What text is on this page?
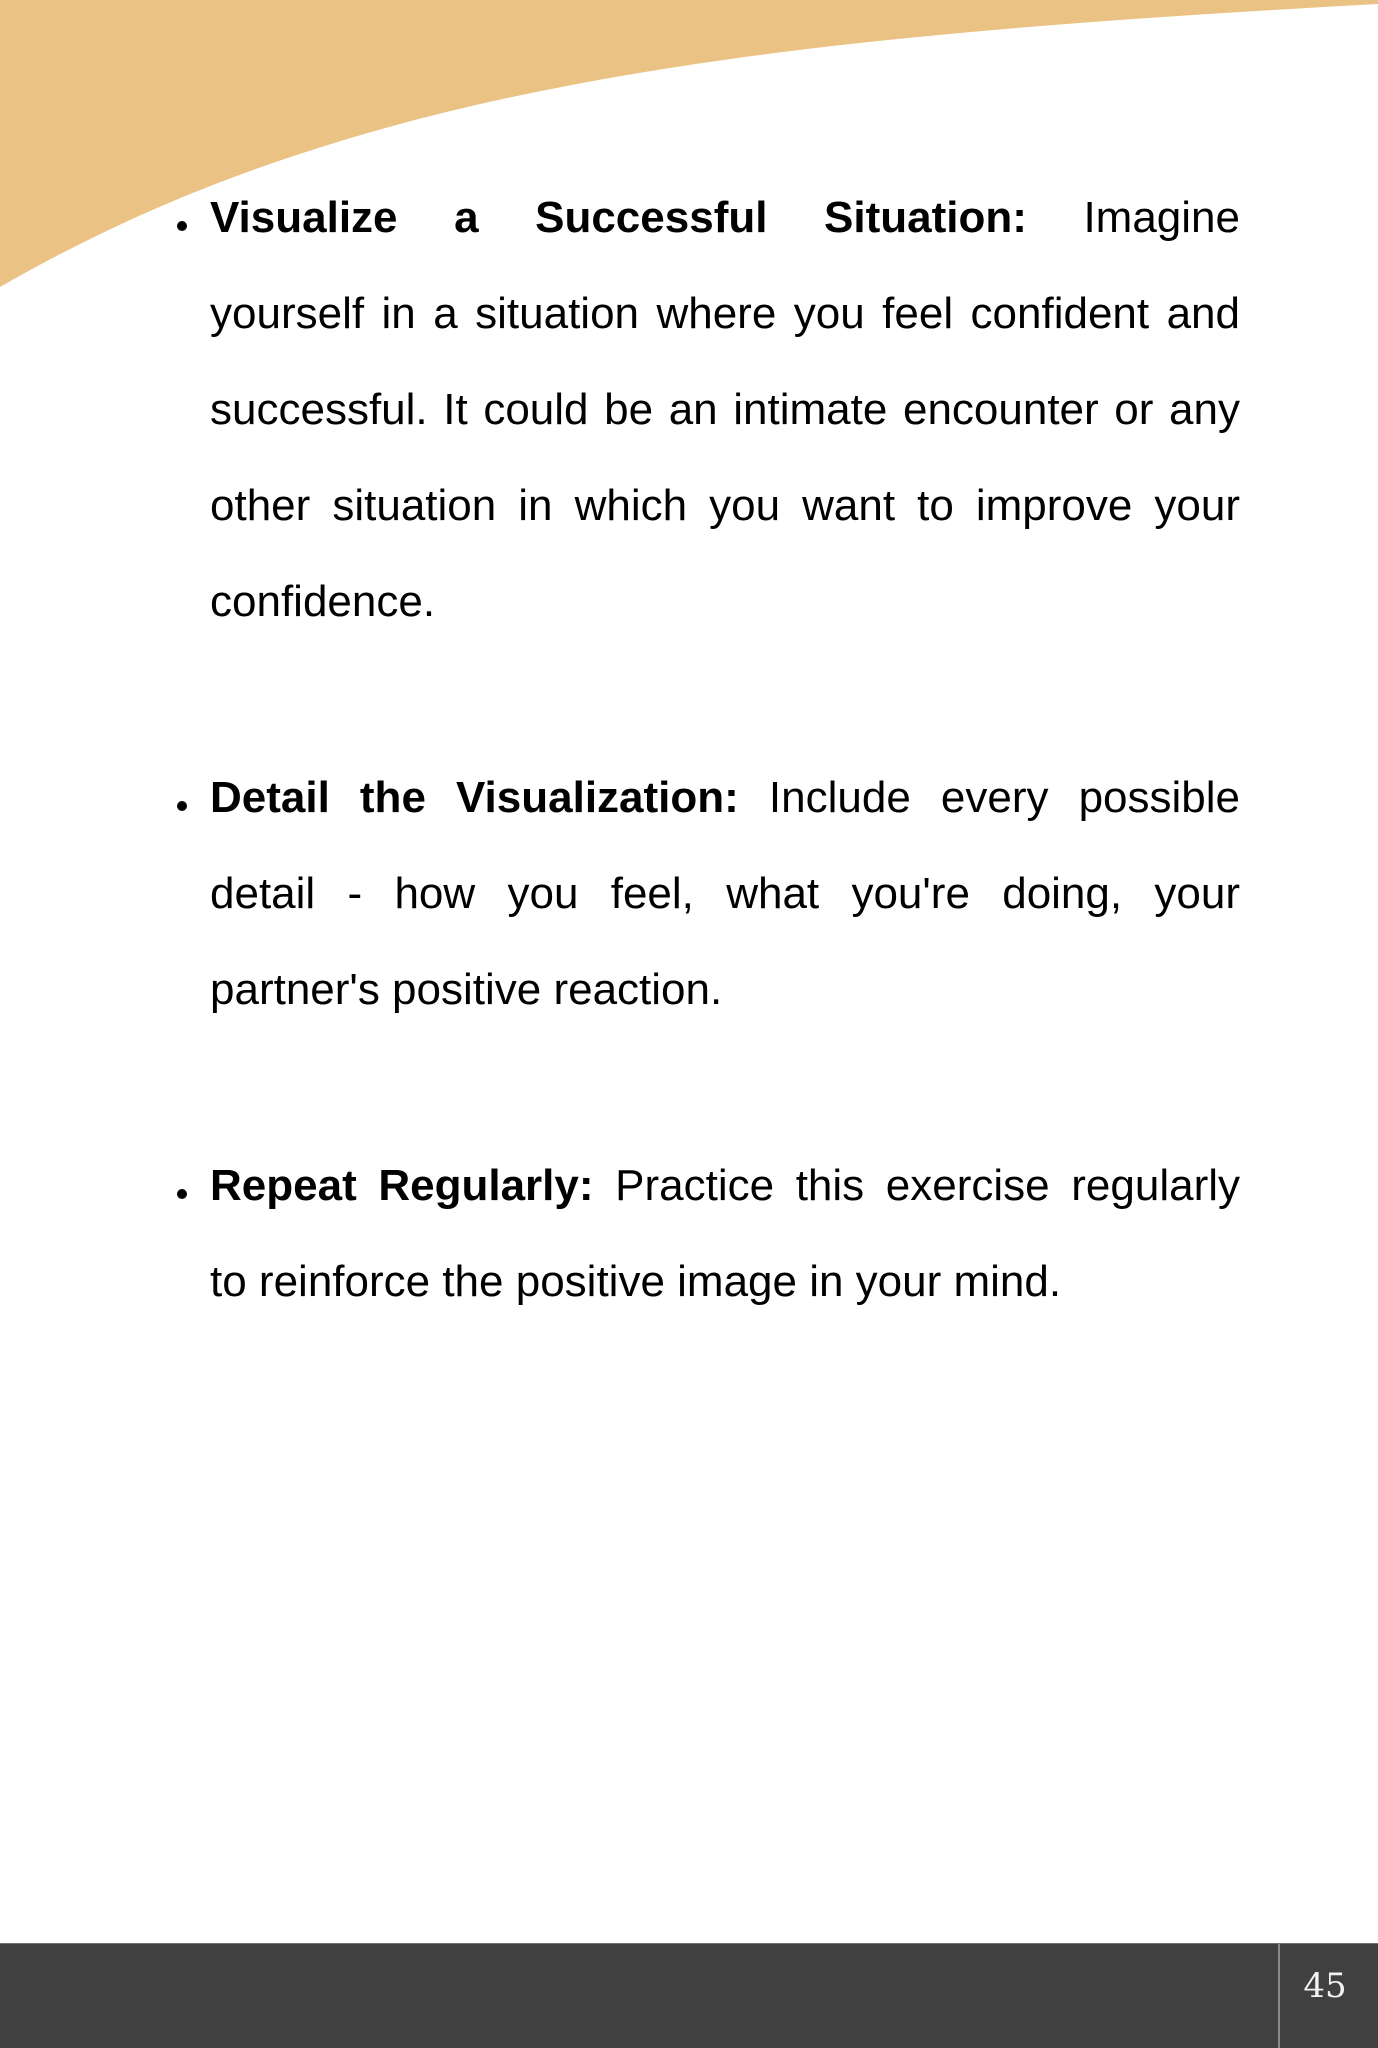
Visualize a Successful Situation: Imagine
yourself in a situation where you feel confident and
successful. It could be an intimate encounter or any
other situation in which you want to improve your
confidence.
Detail the Visualization: Include every possible
detail - how you feel, what you're doing, your
partner's positive reaction.
Repeat Regularly: Practice this exercise regularly
to reinforce the positive image in your mind.
45
